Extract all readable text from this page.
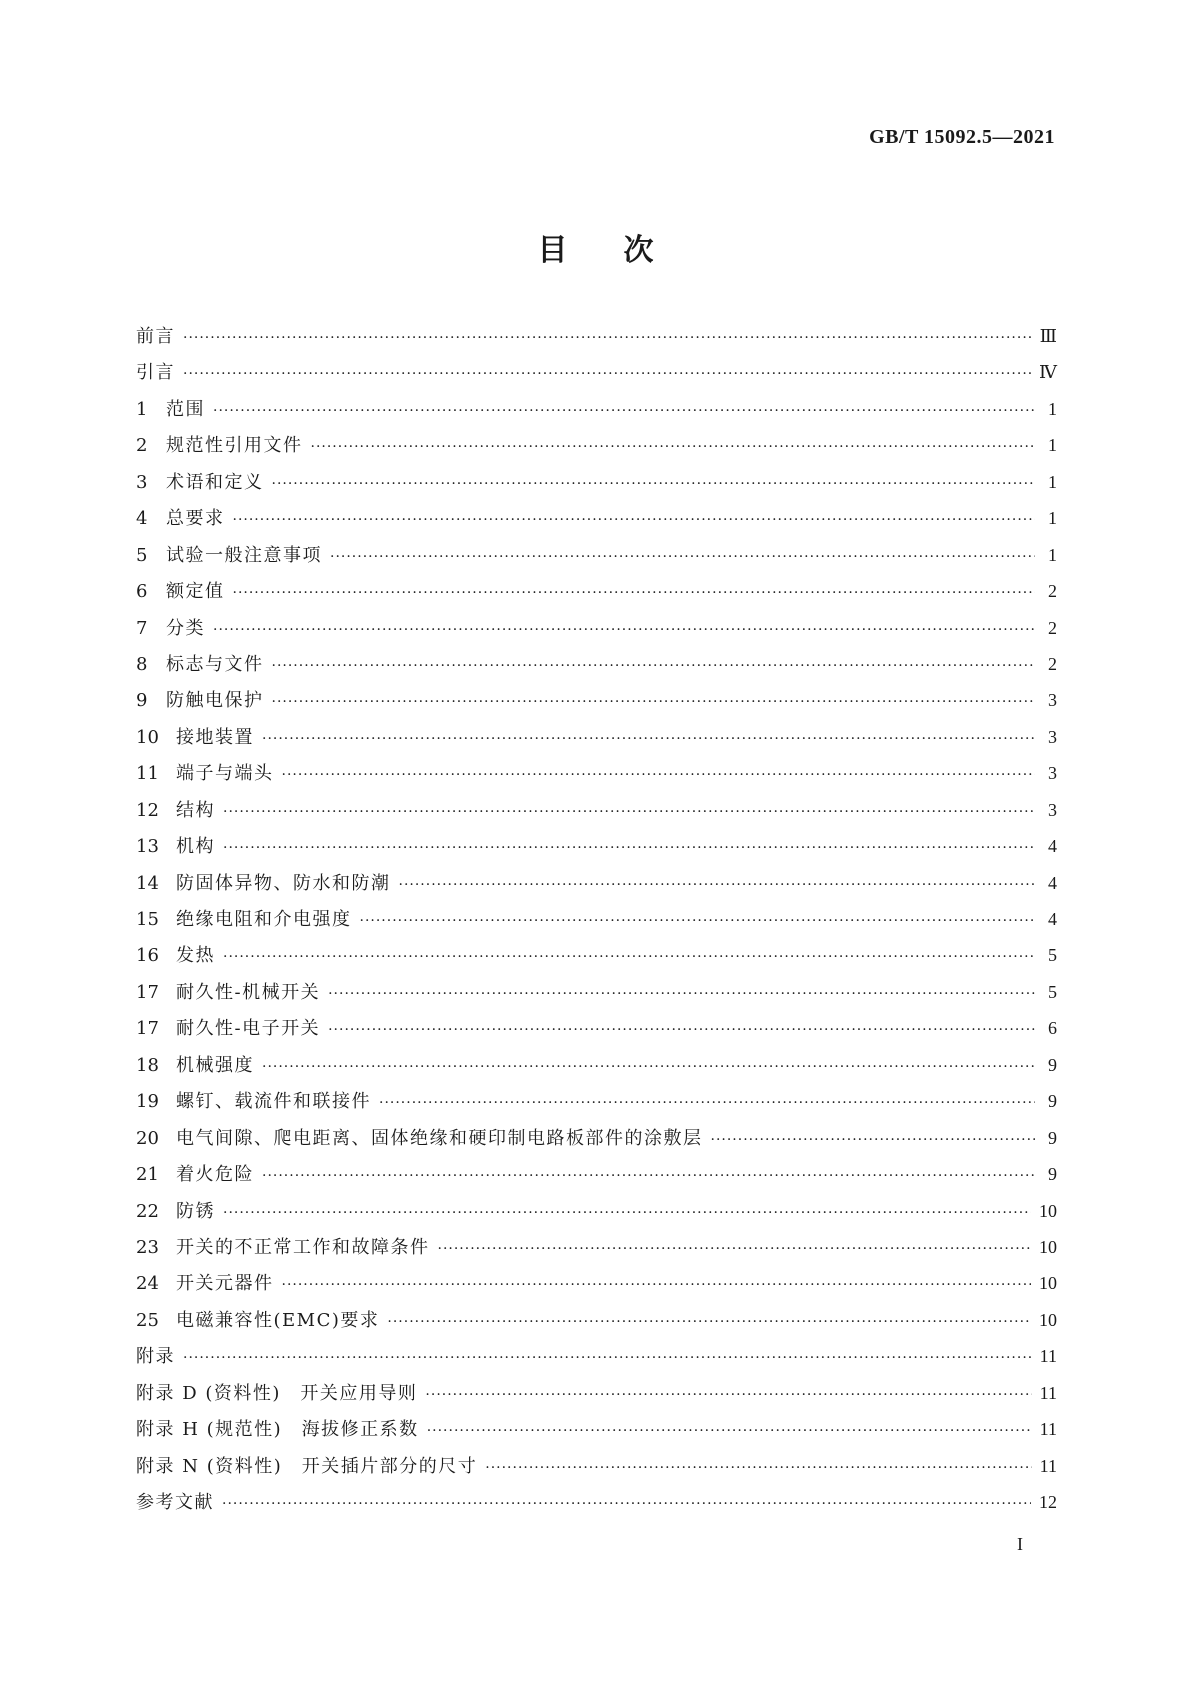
GB/T 15092.5—2021
目次
前言 ·····	Ⅲ
引言 ·····	Ⅳ
1	范围 ·····	1
2	规范性引用文件 ·····	1
3	术语和定义 ·····	1
4	总要求 ·····	1
5	试验一般注意事项 ·····	1
6	额定值 ·····	2
7	分类 ·····	2
8	标志与文件 ·····	2
9	防触电保护 ·····	3
10 接地装置 ·····	3
11 端子与端头 ·····	3
12 结构 ·····	3
13 机构 ·····	4
14 防固体异物、防水和防潮 ·····	4
15 绝缘电阻和介电强度 ·····	4
16 发热 ·····	5
17 耐久性-机械开关 ·····	5
17 耐久性-电子开关 ·····	6
18 机械强度 ·····	9
19 螺钉、载流件和联接件 ·····	9
20 电气间隙、爬电距离、固体绝缘和硬印制电路板部件的涂敷层 ·····	9
21 着火危险 ·····	9
22 防锈 ·····	10
23 开关的不正常工作和故障条件 ·····	10
24 开关元器件 ·····	10
25 电磁兼容性(EMC)要求 ·····	10
附录 ·····	11
附录 D (资料性)　开关应用导则 ·····	11
附录 H (规范性)　海拔修正系数 ·····	11
附录 N (资料性)　开关插片部分的尺寸 ·····	11
参考文献 ·····	12
I
